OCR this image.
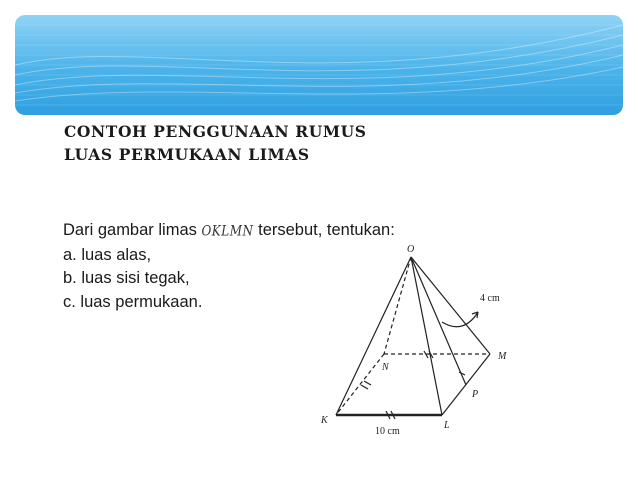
CONTOH PENGGUNAAN RUMUS
LUAS PERMUKAAN LIMAS
Dari gambar limas OKLMN tersebut, tentukan:
a. luas alas,
b. luas sisi tegak,
c. luas permukaan.
O
K	L
M
N
P
4 cm
10 cm
